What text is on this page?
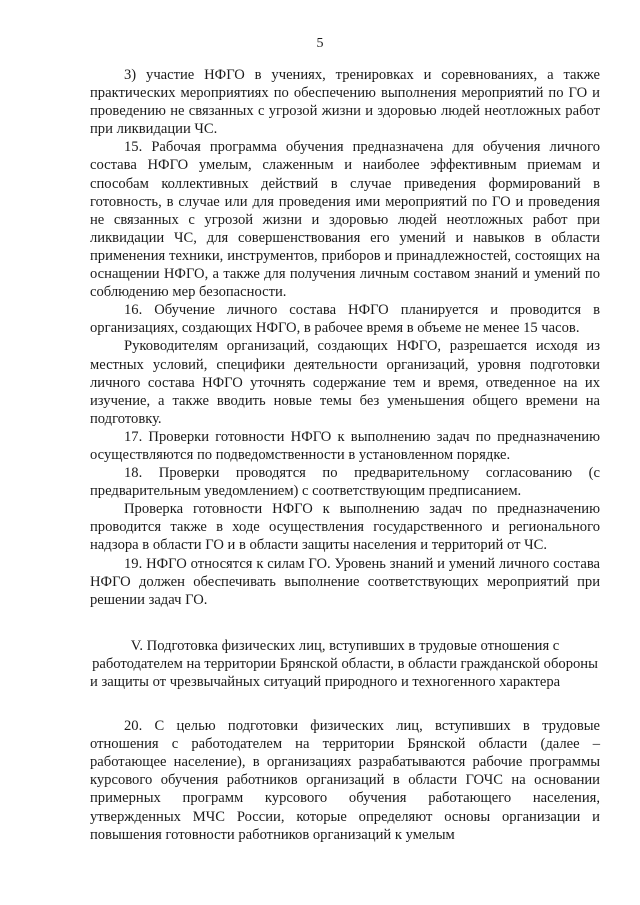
5

3) участие НФГО в учениях, тренировках и соревнованиях, а также практических мероприятиях по обеспечению выполнения мероприятий по ГО и проведению не связанных с угрозой жизни и здоровью людей неотложных работ при ликвидации ЧС.

15. Рабочая программа обучения предназначена для обучения личного состава НФГО умелым, слаженным и наиболее эффективным приемам и способам коллективных действий в случае приведения формирований в готовность, в случае или для проведения ими мероприятий по ГО и проведения не связанных с угрозой жизни и здоровью людей неотложных работ при ликвидации ЧС, для совершенствования его умений и навыков в области применения техники, инструментов, приборов и принадлежностей, состоящих на оснащении НФГО, а также для получения личным составом знаний и умений по соблюдению мер безопасности.

16. Обучение личного состава НФГО планируется и проводится в организациях, создающих НФГО, в рабочее время в объеме не менее 15 часов.

Руководителям организаций, создающих НФГО, разрешается исходя из местных условий, специфики деятельности организаций, уровня подготовки личного состава НФГО уточнять содержание тем и время, отведенное на их изучение, а также вводить новые темы без уменьшения общего времени на подготовку.

17. Проверки готовности НФГО к выполнению задач по предназначению осуществляются по подведомственности в установленном порядке.

18. Проверки проводятся по предварительному согласованию (с предварительным уведомлением) с соответствующим предписанием.

Проверка готовности НФГО к выполнению задач по предназначению проводится также в ходе осуществления государственного и регионального надзора в области ГО и в области защиты населения и территорий от ЧС.

19. НФГО относятся к силам ГО. Уровень знаний и умений личного состава НФГО должен обеспечивать выполнение соответствующих мероприятий при решении задач ГО.

V. Подготовка физических лиц, вступивших в трудовые отношения с работодателем на территории Брянской области, в области гражданской обороны и защиты от чрезвычайных ситуаций природного и техногенного характера

20. С целью подготовки физических лиц, вступивших в трудовые отношения с работодателем на территории Брянской области (далее – работающее население), в организациях разрабатываются рабочие программы курсового обучения работников организаций в области ГОЧС на основании примерных программ курсового обучения работающего населения, утвержденных МЧС России, которые определяют основы организации и повышения готовности работников организаций к умелым
